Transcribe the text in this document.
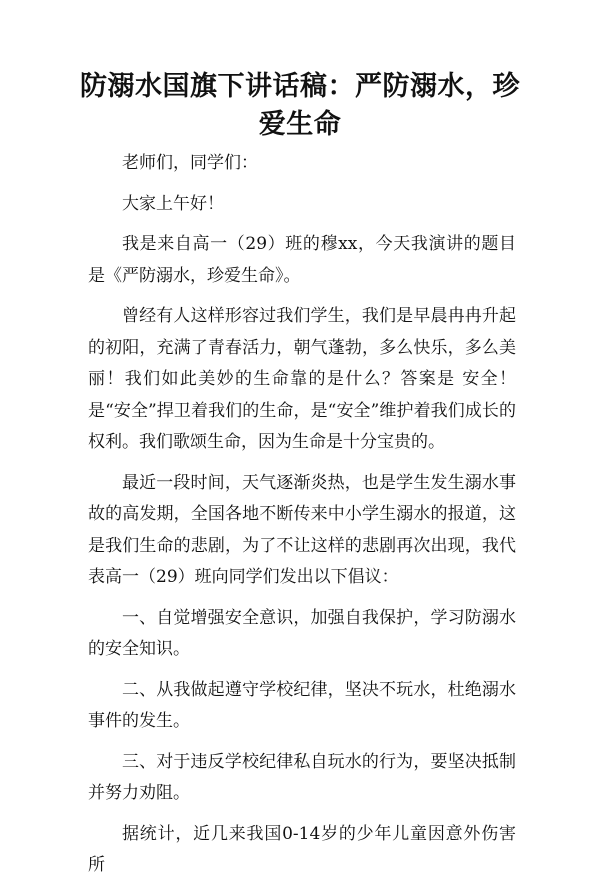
防溺水国旗下讲话稿：严防溺水，珍爱生命

老师们，同学们：

大家上午好！

我是来自高一（29）班的穆xx，今天我演讲的题目是《严防溺水，珍爱生命》。

曾经有人这样形容过我们学生，我们是早晨冉冉升起的初阳，充满了青春活力，朝气蓬勃，多么快乐，多么美丽！我们如此美妙的生命靠的是什么？答案是 安全！是“安全”捍卫着我们的生命，是“安全”维护着我们成长的权利。我们歌颂生命，因为生命是十分宝贵的。

最近一段时间，天气逐渐炎热，也是学生发生溺水事故的高发期，全国各地不断传来中小学生溺水的报道，这是我们生命的悲剧，为了不让这样的悲剧再次出现，我代表高一（29）班向同学们发出以下倡议：

一、自觉增强安全意识，加强自我保护，学习防溺水的安全知识。

二、从我做起遵守学校纪律，坚决不玩水，杜绝溺水事件的发生。

三、对于违反学校纪律私自玩水的行为，要坚决抵制并努力劝阻。

据统计，近几来我国0-14岁的少年儿童因意外伤害所
